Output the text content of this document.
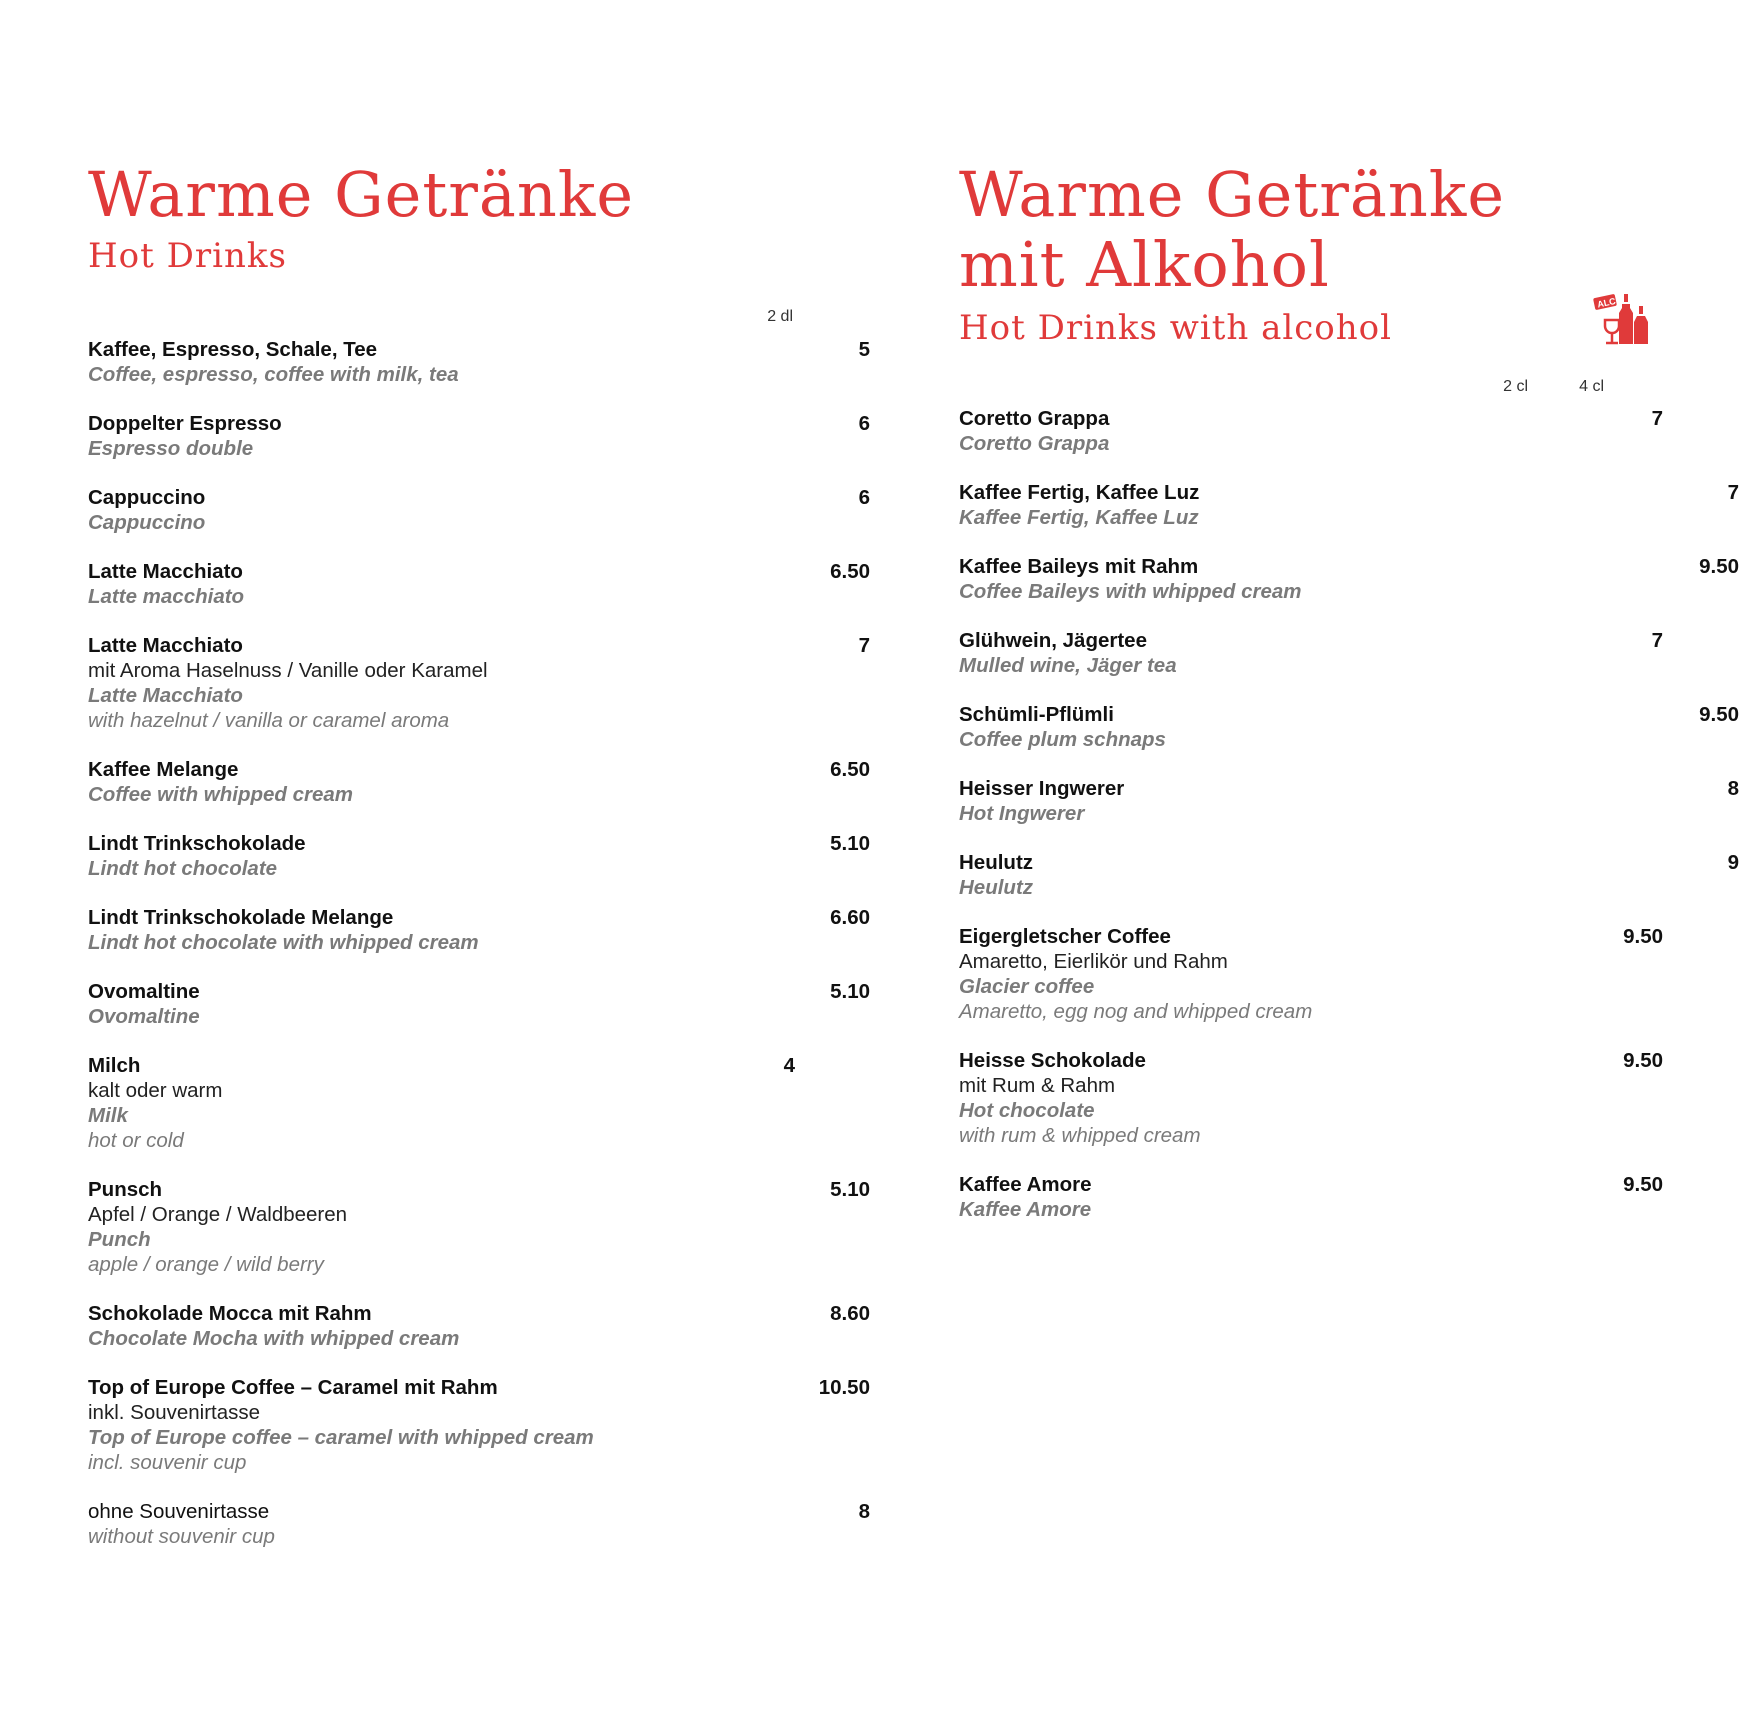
Warme Getränke
Hot Drinks
2 dl
Kaffee, Espresso, Schale, Tee
Coffee, espresso, coffee with milk, tea
5
Doppelter Espresso
Espresso double
6
Cappuccino
Cappuccino
6
Latte Macchiato
Latte macchiato
6.50
Latte Macchiato
mit Aroma Haselnuss / Vanille oder Karamel
Latte Macchiato
with hazelnut / vanilla or caramel aroma
7
Kaffee Melange
Coffee with whipped cream
6.50
Lindt Trinkschokolade
Lindt hot chocolate
5.10
Lindt Trinkschokolade Melange
Lindt hot chocolate with whipped cream
6.60
Ovomaltine
Ovomaltine
5.10
Milch
kalt oder warm
Milk
hot or cold
4
Punsch
Apfel / Orange / Waldbeeren
Punch
apple / orange / wild berry
5.10
Schokolade Mocca mit Rahm
Chocolate Mocha with whipped cream
8.60
Top of Europe Coffee – Caramel mit Rahm
inkl. Souvenirtasse
Top of Europe coffee – caramel with whipped cream
incl. souvenir cup
10.50
ohne Souvenirtasse
without souvenir cup
8
Warme Getränke
mit Alkohol
Hot Drinks with alcohol
ALC
2 cl	4 cl
Coretto Grappa
Coretto Grappa
7
Kaffee Fertig, Kaffee Luz
Kaffee Fertig, Kaffee Luz
7
Kaffee Baileys mit Rahm
Coffee Baileys with whipped cream
9.50
Glühwein, Jägertee
Mulled wine, Jäger tea
7
Schümli-Pflümli
Coffee plum schnaps
9.50
Heisser Ingwerer
Hot Ingwerer
8
Heulutz
Heulutz
9
Eigergletscher Coffee
Amaretto, Eierlikör und Rahm
Glacier coffee
Amaretto, egg nog and whipped cream
9.50
Heisse Schokolade
mit Rum & Rahm
Hot chocolate
with rum & whipped cream
9.50
Kaffee Amore
Kaffee Amore
9.50
